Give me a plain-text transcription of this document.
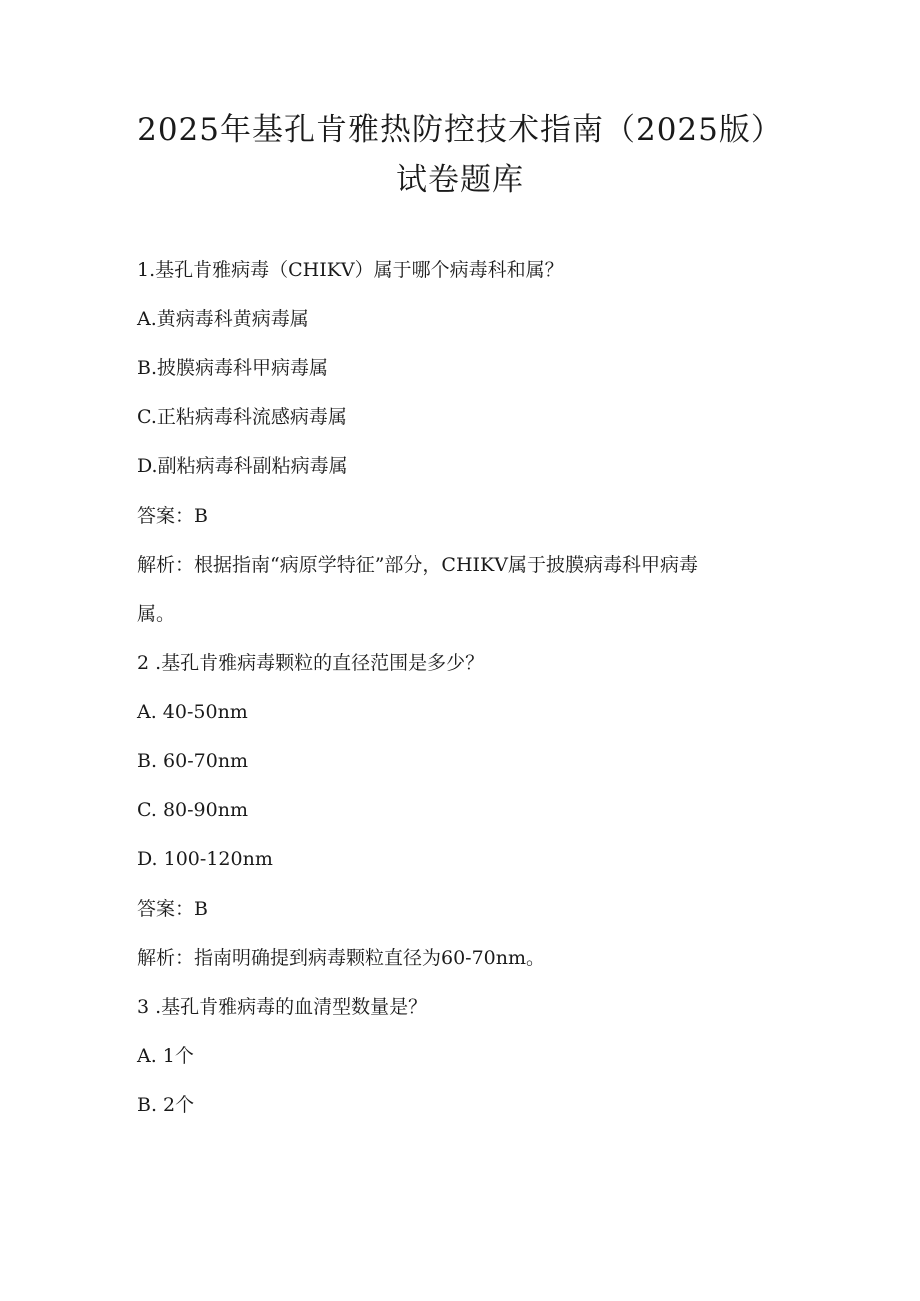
2025年基孔肯雅热防控技术指南（2025版）
试卷题库
1.基孔肯雅病毒（CHIKV）属于哪个病毒科和属？
A.黄病毒科黄病毒属
B.披膜病毒科甲病毒属
C.正粘病毒科流感病毒属
D.副粘病毒科副粘病毒属
答案：B
解析：根据指南“病原学特征”部分，CHIKV属于披膜病毒科甲病毒
属。
2 .基孔肯雅病毒颗粒的直径范围是多少？
A. 40-50nm
B. 60-70nm
C. 80-90nm
D. 100-120nm
答案：B
解析：指南明确提到病毒颗粒直径为60-70nm。
3 .基孔肯雅病毒的血清型数量是？
A. 1个
B. 2个
